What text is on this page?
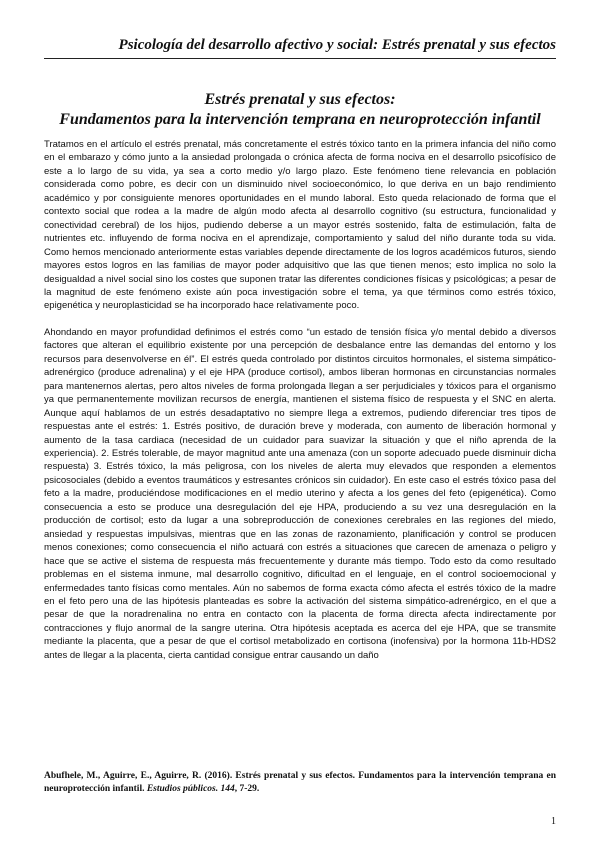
Psicología del desarrollo afectivo y social: Estrés prenatal y sus efectos
Estrés prenatal y sus efectos:
Fundamentos para la intervención temprana en neuroprotección infantil

Tratamos en el artículo el estrés prenatal, más concretamente el estrés tóxico tanto en la primera infancia del niño como en el embarazo y cómo junto a la ansiedad prolongada o crónica afecta de forma nociva en el desarrollo psicofísico de este a lo largo de su vida, ya sea a corto medio y/o largo plazo. Este fenómeno tiene relevancia en población considerada como pobre, es decir con un disminuido nivel socioeconómico, lo que deriva en un bajo rendimiento académico y por consiguiente menores oportunidades en el mundo laboral. Esto queda relacionado de forma que el contexto social que rodea a la madre de algún modo afecta al desarrollo cognitivo (su estructura, funcionalidad y conectividad cerebral) de los hijos, pudiendo deberse a un mayor estrés sostenido, falta de estimulación, falta de nutrientes etc. influyendo de forma nociva en el aprendizaje, comportamiento y salud del niño durante toda su vida. Como hemos mencionado anteriormente estas variables depende directamente de los logros académicos futuros, siendo mayores estos logros en las familias de mayor poder adquisitivo que las que tienen menos; esto implica no solo la desigualdad a nivel social sino los costes que suponen tratar las diferentes condiciones físicas y psicológicas; a pesar de la magnitud de este fenómeno existe aún poca investigación sobre el tema, ya que términos como estrés tóxico, epigenética y neuroplasticidad se ha incorporado hace relativamente poco.

Ahondando en mayor profundidad definimos el estrés como “un estado de tensión física y/o mental debido a diversos factores que alteran el equilibrio existente por una percepción de desbalance entre las demandas del entorno y los recursos para desenvolverse en él”. El estrés queda controlado por distintos circuitos hormonales, el sistema simpático-adrenérgico (produce adrenalina) y el eje HPA (produce cortisol), ambos liberan hormonas en circunstancias normales para mantenernos alertas, pero altos niveles de forma prolongada llegan a ser perjudiciales y tóxicos para el organismo ya que permanentemente movilizan recursos de energía, mantienen el sistema físico de respuesta y el SNC en alerta. Aunque aquí hablamos de un estrés desadaptativo no siempre llega a extremos, pudiendo diferenciar tres tipos de respuestas ante el estrés: 1. Estrés positivo, de duración breve y moderada, con aumento de liberación hormonal y aumento de la tasa cardiaca (necesidad de un cuidador para suavizar la situación y que el niño aprenda de la experiencia). 2. Estrés tolerable, de mayor magnitud ante una amenaza (con un soporte adecuado puede disminuir dicha respuesta) 3. Estrés tóxico, la más peligrosa, con los niveles de alerta muy elevados que responden a elementos psicosociales (debido a eventos traumáticos y estresantes crónicos sin cuidador). En este caso el estrés tóxico pasa del feto a la madre, produciéndose modificaciones en el medio uterino y afecta a los genes del feto (epigenética). Como consecuencia a esto se produce una desregulación del eje HPA, produciendo a su vez una desregulación en la producción de cortisol; esto da lugar a una sobreproducción de conexiones cerebrales en las regiones del miedo, ansiedad y respuestas impulsivas, mientras que en las zonas de razonamiento, planificación y control se producen menos conexiones; como consecuencia el niño actuará con estrés a situaciones que carecen de amenaza o peligro y hace que se active el sistema de respuesta más frecuentemente y durante más tiempo. Todo esto da como resultado problemas en el sistema inmune, mal desarrollo cognitivo, dificultad en el lenguaje, en el control socioemocional y enfermedades tanto físicas como mentales. Aún no sabemos de forma exacta cómo afecta el estrés tóxico de la madre en el feto pero una de las hipótesis planteadas es sobre la activación del sistema simpático-adrenérgico, en el que a pesar de que la noradrenalina no entra en contacto con la placenta de forma directa afecta indirectamente por contracciones y flujo anormal de la sangre uterina. Otra hipótesis aceptada es acerca del eje HPA, que se transmite mediante la placenta, que a pesar de que el cortisol metabolizado en cortisona (inofensiva) por la hormona 11b-HDS2 antes de llegar a la placenta, cierta cantidad consigue entrar causando un daño

Abufhele, M., Aguirre, E., Aguirre, R. (2016). Estrés prenatal y sus efectos. Fundamentos para la intervención temprana en neuroprotección infantil. Estudios públicos. 144, 7-29.
1
